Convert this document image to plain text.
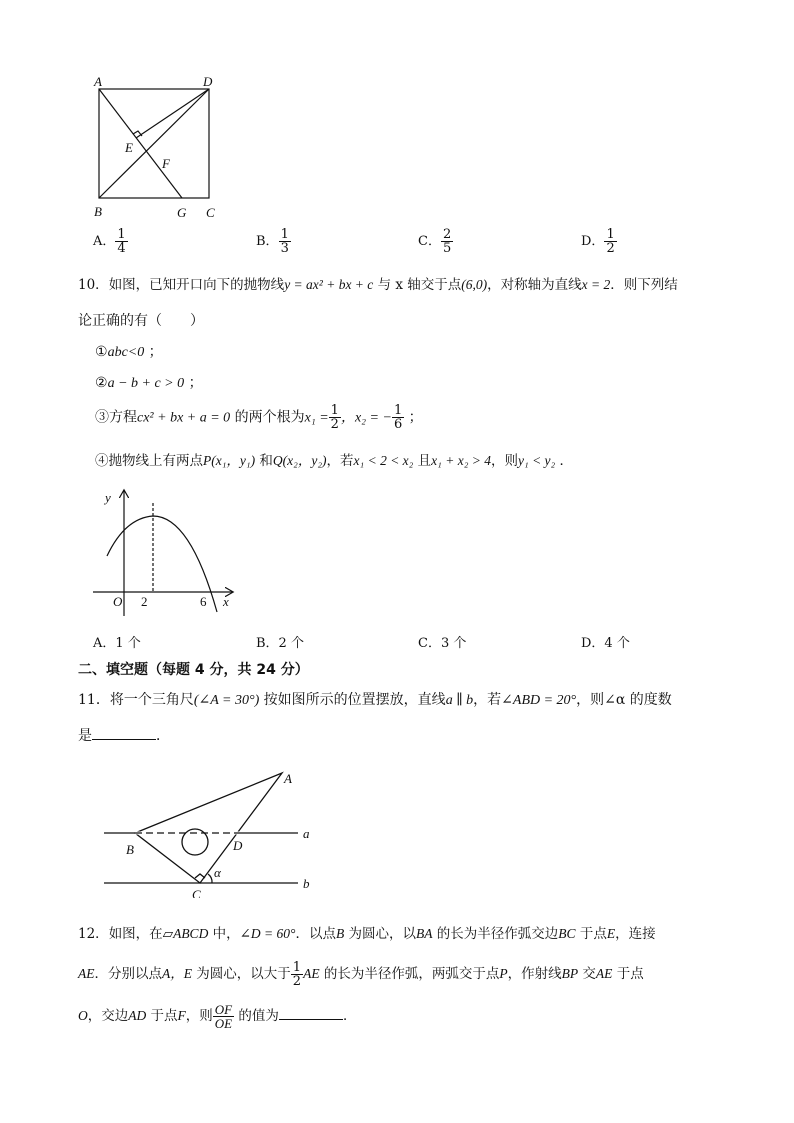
A	D
E
F
B	G C
A． $\frac{1}{4}$	B． $\frac{1}{3}$	C． $\frac{2}{5}$	D． $\frac{1}{2}$
10．如图，已知开口向下的抛物线y = ax² + bx + c 与 x 轴交于点(6,0)，对称轴为直线x = 2．则下列结
论正确的有（　　）
①abc<0 ；
②a − b + c > 0 ；
③方程cx² + bx + a = 0 的两个根为$x_1 = \frac{1}{2}$ ，x₂ = − $\frac{1}{6}$ ；
④抛物线上有两点P(x₁，y₁) 和Q(x₂，y₂)，若x₁ < 2 < x₂ 且x₁ + x₂ > 4，则y₁ < y₂ ．
y
x
O 2	6
A．1 个	B．2 个	C．3 个	D．4 个
二、填空题（每题 4 分，共 24 分）
11．将一个三角尺(∠A = 30°) 按如图所示的位置摆放，直线a ∥ b，若∠ABD = 20°，则∠α 的度数
是	．
A
B	D
C
a
b
α
12．如图，在▱ABCD 中，∠D = 60°．以点B 为圆心，以BA 的长为半径作弧交边BC 于点E，连接
AE．分别以点A，E 为圆心，以大于 $\frac{1}{2}$ AE 的长为半径作弧，两弧交于点P，作射线BP 交AE 于点
O，交边AD 于点F，则 $\frac{OF}{OE}$ 的值为	．
